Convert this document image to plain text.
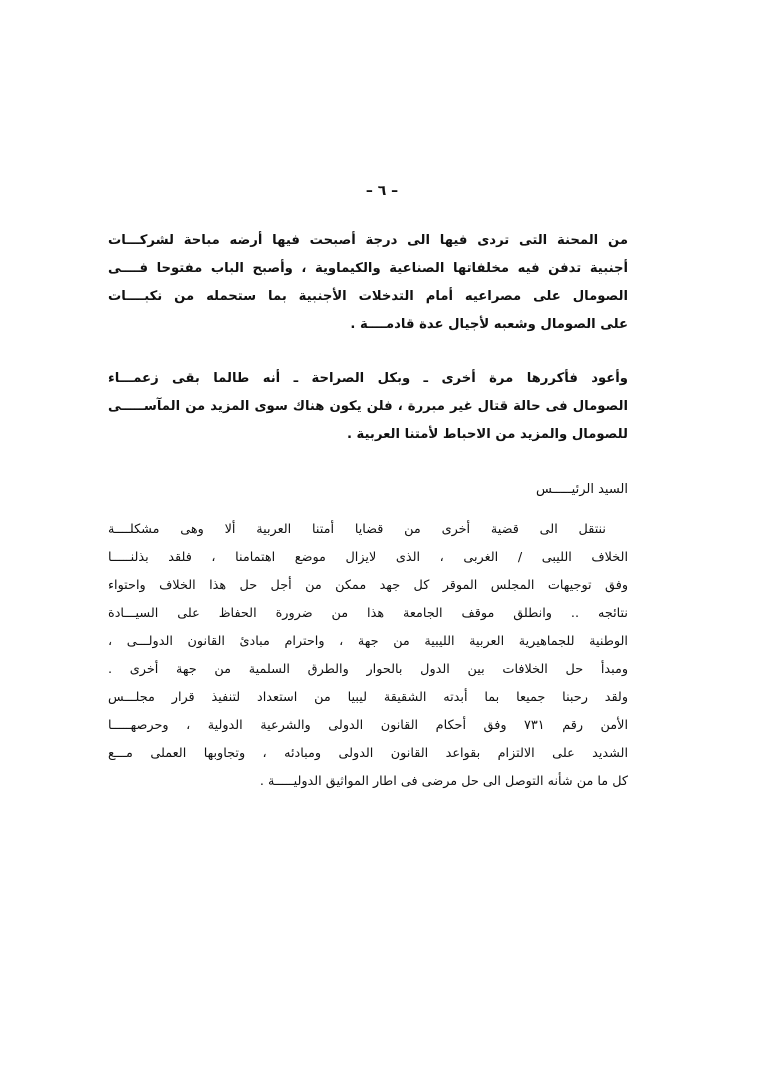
– ٦ –
من المحنة التى تردى فيها الى درجة أصبحت فيها أرضه مباحة لشركـــات
أجنبية تدفن فيه مخلفاتها الصناعية والكيماوية ، وأصبح الباب مفتوحا فــــى
الصومال على مصراعيه أمام التدخلات الأجنبية بما ستحمله من نكبــــات
على الصومال وشعبه لأجيال عدة قادمــــة .
وأعود فأكررها مرة أخرى ـ وبكل الصراحة ـ أنه طالما بقى زعمـــاء
الصومال فى حالة قتال غير مبررة ، فلن يكون هناك سوى المزيد من المآســـــى
للصومال والمزيد من الاحباط لأمتنا العربية .
السيد الرئيـــــس
ننتقل الى قضية أخرى من قضايا أمتنا العربية ألا وهى مشكلــــة
الخلاف الليبى / الغربى ، الذى لايزال موضع اهتمامنا ، فلقد بذلنـــــا
وفق توجيهات المجلس الموقر كل جهد ممكن من أجل حل هذا الخلاف واحتواء
نتائجه .. وانطلق موقف الجامعة هذا من ضرورة الحفاظ على السيـــادة
الوطنية للجماهيرية العربية الليبية من جهة ، واحترام مبادئ القانون الدولـــى ،
ومبدأ حل الخلافات بين الدول بالحوار والطرق السلمية من جهة أخرى .
ولقد رحبنا جميعا بما أبدته الشقيقة ليبيا من استعداد لتنفيذ قرار مجلـــس
الأمن رقم ٧٣١ وفق أحكام القانون الدولى والشرعية الدولية ، وحرصهـــــا
الشديد على الالتزام بقواعد القانون الدولى ومبادئه ، وتجاوبها العملى مـــع
كل ما من شأنه التوصل الى حل مرضى فى اطار المواثيق الدوليـــــة .
